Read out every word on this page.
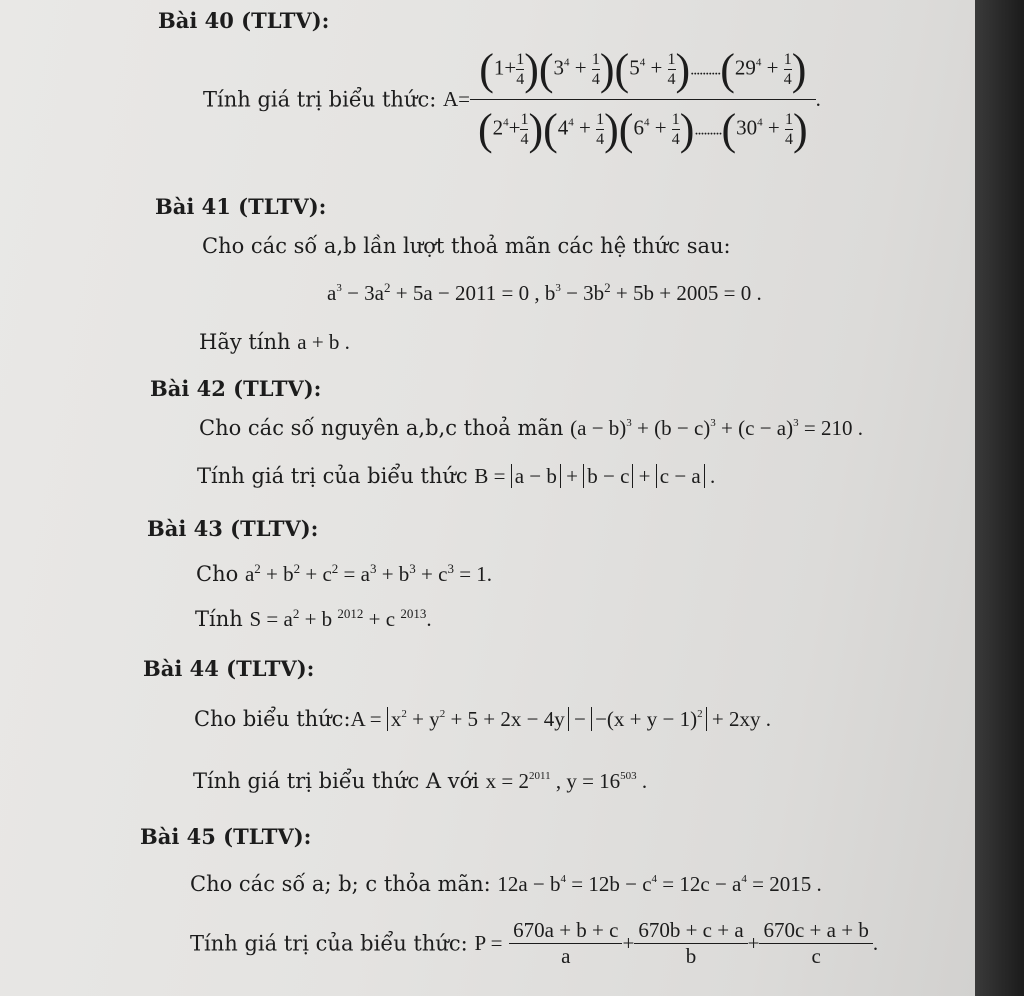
Bài 40 (TLTV):
Tính giá trị biểu thức: $A= \frac{(1+ \frac{1}{4} )(3^4 + \frac{1}{4} )(5^4 + \frac{1}{4} )..........(29^4 + \frac{1}{4} )}{(2^4+ \frac{1}{4} )(4^4 + \frac{1}{4} )(6^4 + \frac{1}{4} ).........(30^4 + \frac{1}{4} )}$ .
Bài 41 (TLTV):
Cho các số a,b lần lượt thoả mãn các hệ thức sau:
$a^3 - 3a^2 + 5a - 2011 = 0$ , $b^3 - 3b^2 + 5b + 2005 = 0$ .
Hãy tính a + b .
Bài 42 (TLTV):
Cho các số nguyên a,b,c thoả mãn $(a - b)^3 + (b - c)^3 + (c - a)^3 = 210$ .
Tính giá trị của biểu thức B = a − b + b − c + c − a .
Bài 43 (TLTV):
Cho $a^2 + b^2 + c^2 = a^3 + b^3 + c^3 = 1$.
Tính $S = a^2 + b$ $^{2012}$ + c $^{2013}$.
Bài 44 (TLTV):
Cho biểu thức:A = $x^2 + y^2 + 5 + 2x - 4y - -(x + y - 1)^2 + 2xy$ .
Tính giá trị biểu thức A với $x = 2^{2011}$ , $y = 16^{503}$ .
Bài 45 (TLTV):
Cho các số a; b; c thỏa mãn: $12a - b^4 = 12b - c^4 = 12c - a^4 = 2015$ .
Tính giá trị của biểu thức: $P = \frac{670a + b + c}{a} + \frac{670b + c + a}{b} + \frac{670c + a + b}{c}$ .
